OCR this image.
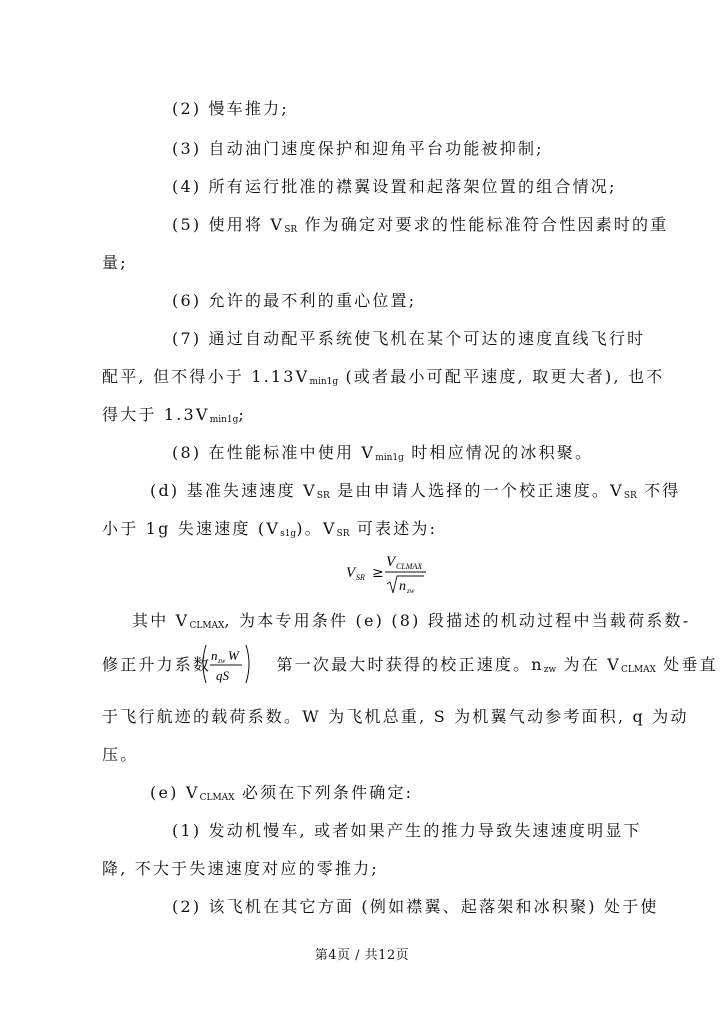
(2) 慢车推力;
(3) 自动油门速度保护和迎角平台功能被抑制;
(4) 所有运行批准的襟翼设置和起落架位置的组合情况;
(5) 使用将 $V_{SR}$ 作为确定对要求的性能标准符合性因素时的重
量;
(6) 允许的最不利的重心位置;
(7) 通过自动配平系统使飞机在某个可达的速度直线飞行时
配平, 但不得小于 $1.13V_{min1g}$ (或者最小可配平速度, 取更大者), 也不
得大于 $1.3V_{min1g}$;
(8) 在性能标准中使用 $V_{min1g}$ 时相应情况的冰积聚。
(d) 基准失速速度 $V_{SR}$ 是由申请人选择的一个校正速度。$V_{SR}$ 不得
小于 1g 失速速度 $(V_{s1g})$。$V_{SR}$ 可表述为:
V SR ≥
V CLMAX
n zw
其中 $V_{CLMAX}$, 为本专用条件 (e) (8) 段描述的机动过程中当载荷系数-
修正升力系数	第一次最大时获得的校正速度。$n_{zw}$ 为在 $V_{CLMAX}$ 处垂直
n zw W
qS
于飞行航迹的载荷系数。W 为飞机总重, S 为机翼气动参考面积, q 为动
压。
(e) $V_{CLMAX}$ 必须在下列条件确定:
(1) 发动机慢车, 或者如果产生的推力导致失速速度明显下
降, 不大于失速速度对应的零推力;
(2) 该飞机在其它方面 (例如襟翼、起落架和冰积聚) 处于使
第4页 / 共12页
